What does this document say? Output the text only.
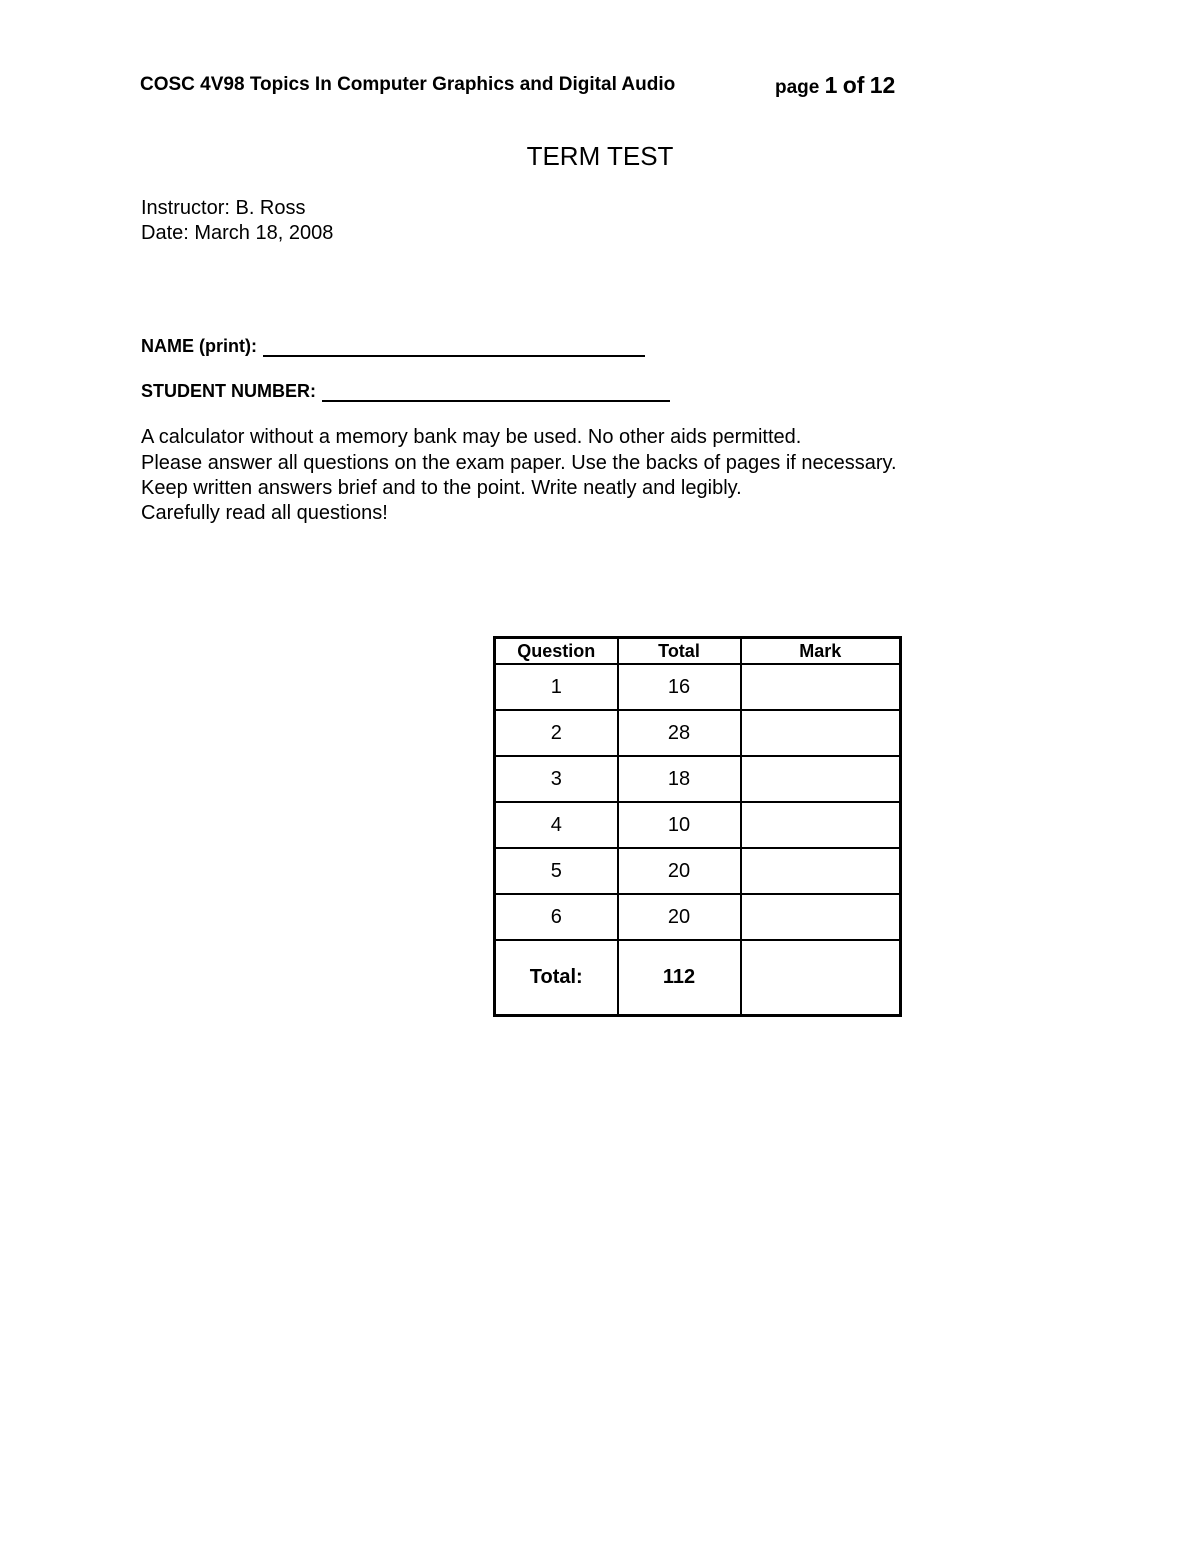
COSC 4V98 Topics In Computer Graphics and Digital Audio	page 1 of 12
TERM TEST
Instructor: B. Ross
Date: March 18, 2008
NAME (print):
STUDENT NUMBER:
A calculator without a memory bank may be used. No other aids permitted.
Please answer all questions on the exam paper. Use the backs of pages if necessary.
Keep written answers brief and to the point. Write neatly and legibly.
Carefully read all questions!
Question	Total	Mark
1	16	
2	28	
3	18	
4	10	
5	20	
6	20	
Total:	112	
